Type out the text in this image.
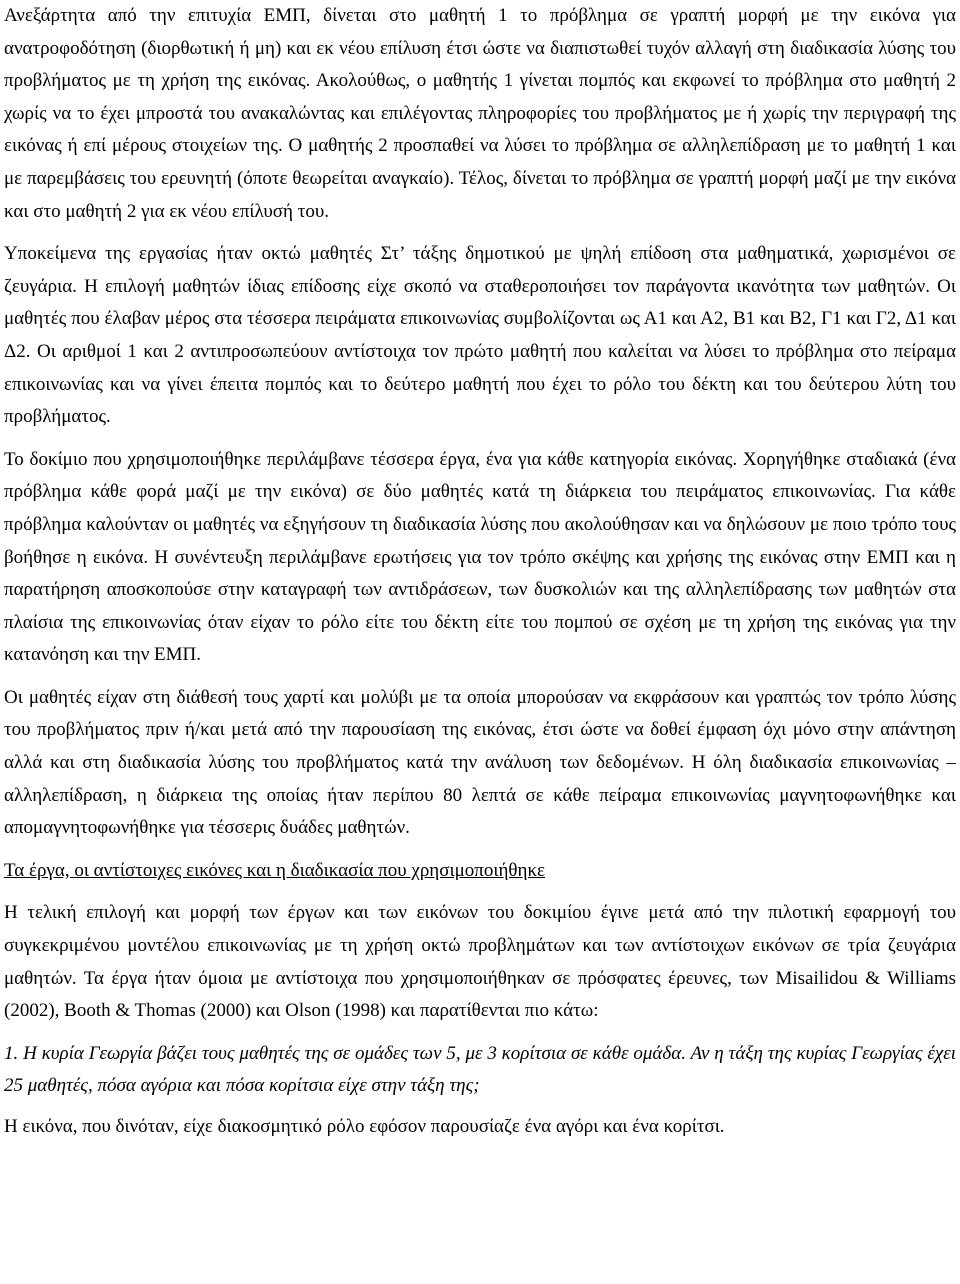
Ανεξάρτητα από την επιτυχία ΕΜΠ, δίνεται στο μαθητή 1 το πρόβλημα σε γραπτή μορφή με την εικόνα για ανατροφοδότηση (διορθωτική ή μη) και εκ νέου επίλυση έτσι ώστε να διαπιστωθεί τυχόν αλλαγή στη διαδικασία λύσης του προβλήματος με τη χρήση της εικόνας. Ακολούθως, ο μαθητής 1 γίνεται πομπός και εκφωνεί το πρόβλημα στο μαθητή 2 χωρίς να το έχει μπροστά του ανακαλώντας και επιλέγοντας πληροφορίες του προβλήματος με ή χωρίς την περιγραφή της εικόνας ή επί μέρους στοιχείων της. Ο μαθητής 2 προσπαθεί να λύσει το πρόβλημα σε αλληλεπίδραση με το μαθητή 1 και με παρεμβάσεις του ερευνητή (όποτε θεωρείται αναγκαίο). Τέλος, δίνεται το πρόβλημα σε γραπτή μορφή μαζί με την εικόνα και στο μαθητή 2 για εκ νέου επίλυσή του.

Υποκείμενα της εργασίας ήταν οκτώ μαθητές Στ’ τάξης δημοτικού με ψηλή επίδοση στα μαθηματικά, χωρισμένοι σε ζευγάρια. Η επιλογή μαθητών ίδιας επίδοσης είχε σκοπό να σταθεροποιήσει τον παράγοντα ικανότητα των μαθητών. Οι μαθητές που έλαβαν μέρος στα τέσσερα πειράματα επικοινωνίας συμβολίζονται ως Α1 και Α2, Β1 και Β2, Γ1 και Γ2, Δ1 και Δ2. Οι αριθμοί 1 και 2 αντιπροσωπεύουν αντίστοιχα τον πρώτο μαθητή που καλείται να λύσει το πρόβλημα στο πείραμα επικοινωνίας και να γίνει έπειτα πομπός και το δεύτερο μαθητή που έχει το ρόλο του δέκτη και του δεύτερου λύτη του προβλήματος.

Το δοκίμιο που χρησιμοποιήθηκε περιλάμβανε τέσσερα έργα, ένα για κάθε κατηγορία εικόνας. Χορηγήθηκε σταδιακά (ένα πρόβλημα κάθε φορά μαζί με την εικόνα) σε δύο μαθητές κατά τη διάρκεια του πειράματος επικοινωνίας. Για κάθε πρόβλημα καλούνταν οι μαθητές να εξηγήσουν τη διαδικασία λύσης που ακολούθησαν και να δηλώσουν με ποιο τρόπο τους βοήθησε η εικόνα. Η συνέντευξη περιλάμβανε ερωτήσεις για τον τρόπο σκέψης και χρήσης της εικόνας στην ΕΜΠ και η παρατήρηση αποσκοπούσε στην καταγραφή των αντιδράσεων, των δυσκολιών και της αλληλεπίδρασης των μαθητών στα πλαίσια της επικοινωνίας όταν είχαν το ρόλο είτε του δέκτη είτε του πομπού σε σχέση με τη χρήση της εικόνας για την κατανόηση και την ΕΜΠ.

Οι μαθητές είχαν στη διάθεσή τους χαρτί και μολύβι με τα οποία μπορούσαν να εκφράσουν και γραπτώς τον τρόπο λύσης του προβλήματος πριν ή/και μετά από την παρουσίαση της εικόνας, έτσι ώστε να δοθεί έμφαση όχι μόνο στην απάντηση αλλά και στη διαδικασία λύσης του προβλήματος κατά την ανάλυση των δεδομένων. Η όλη διαδικασία επικοινωνίας – αλληλεπίδραση, η διάρκεια της οποίας ήταν περίπου 80 λεπτά σε κάθε πείραμα επικοινωνίας μαγνητοφωνήθηκε και απομαγνητοφωνήθηκε για τέσσερις δυάδες μαθητών.

Τα έργα, οι αντίστοιχες εικόνες και η διαδικασία που χρησιμοποιήθηκε

Η τελική επιλογή και μορφή των έργων και των εικόνων του δοκιμίου έγινε μετά από την πιλοτική εφαρμογή του συγκεκριμένου μοντέλου επικοινωνίας με τη χρήση οκτώ προβλημάτων και των αντίστοιχων εικόνων σε τρία ζευγάρια μαθητών. Τα έργα ήταν όμοια με αντίστοιχα που χρησιμοποιήθηκαν σε πρόσφατες έρευνες, των Misailidou & Williams (2002), Booth & Thomas (2000) και Olson (1998) και παρατίθενται πιο κάτω:

1. Η κυρία Γεωργία βάζει τους μαθητές της σε ομάδες των 5, με 3 κορίτσια σε κάθε ομάδα. Αν η τάξη της κυρίας Γεωργίας έχει 25 μαθητές, πόσα αγόρια και πόσα κορίτσια είχε στην τάξη της;

Η εικόνα, που δινόταν, είχε διακοσμητικό ρόλο εφόσον παρουσίαζε ένα αγόρι και ένα κορίτσι.
